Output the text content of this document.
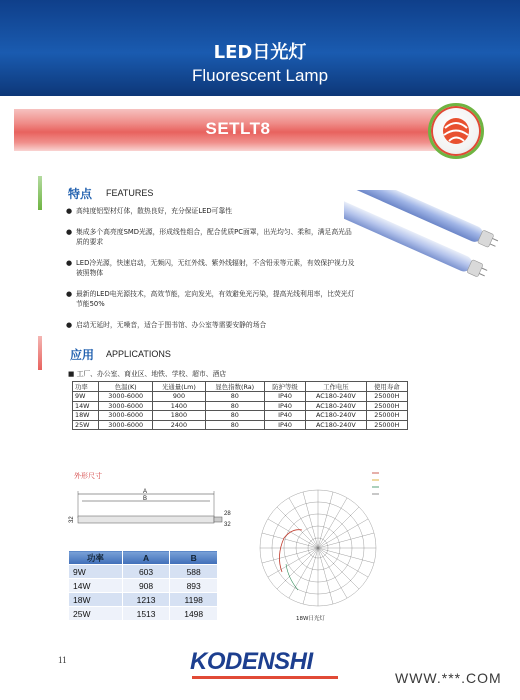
LED日光灯
Fluorescent Lamp
SETLT8
特点 FEATURES
● 高纯度铝型材灯体，散热良好，充分保证LED可靠性
● 集成多个高亮度SMD光源，形成线性组合，配合优质PC面罩，出光均匀、柔和，满足高光品质的要求
● LED冷光源，快速启动，无频闪，无红外线、紫外线辐射，不含铅汞等元素，有效保护视力及被照物体
● 最新的LED电光源技术，高效节能，定向发光，有效避免光污染，提高光线利用率，比荧光灯节能50%
● 启动无延时，无噪音，适合于图书馆、办公室等需要安静的场合
应用 APPLICATIONS
■ 工厂、办公室、商业区、地铁、学校、超市、酒店
功率	色温(K)	光通量(Lm)	显色指数(Ra)	防护等级	工作电压	使用寿命
9W	3000-6000	900	80	IP40	AC180-240V	25000H
14W	3000-6000	1400	80	IP40	AC180-240V	25000H
18W	3000-6000	1800	80	IP40	AC180-240V	25000H
25W	3000-6000	2400	80	IP40	AC180-240V	25000H
外形尺寸
A
B
32
28
32
功率	A	B
9W	603	588
14W	908	893
18W	1213	1198
25W	1513	1498
18W日光灯
11	KODENSHI
WWW.***.COM
